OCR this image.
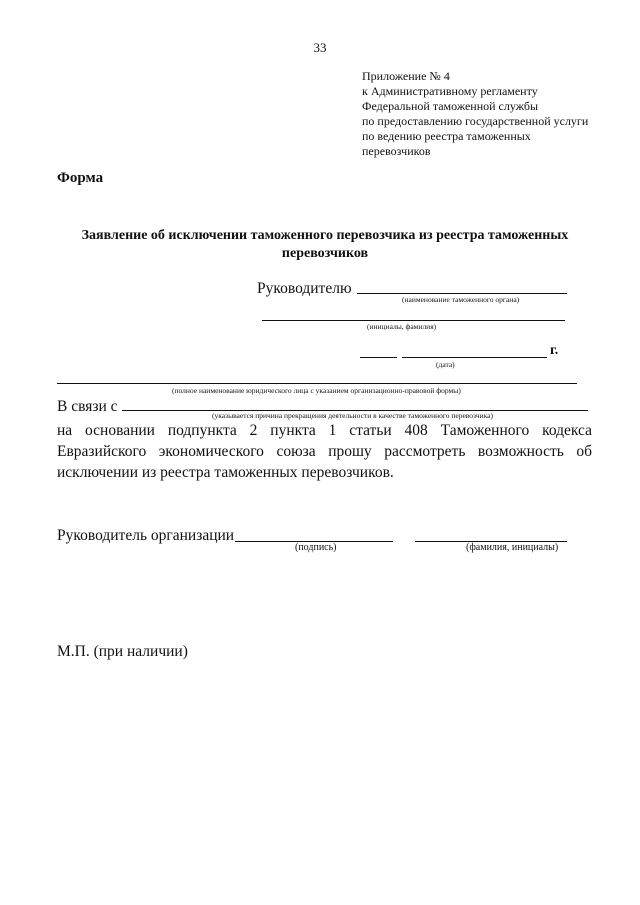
33
Приложение № 4
к Административному регламенту
Федеральной таможенной службы
по предоставлению государственной услуги
по ведению реестра таможенных
перевозчиков
Форма
Заявление об исключении таможенного перевозчика из реестра таможенных перевозчиков
Руководителю
(наименование таможенного органа)
(инициалы, фамилия)
г.
(дата)
(полное наименование юридического лица с указанием организационно-правовой формы)
В связи с
(указывается причина прекращения деятельности в качестве таможенного перевозчика)
на основании подпункта 2 пункта 1 статьи 408 Таможенного кодекса
Евразийского экономического союза прошу рассмотреть возможность об
исключении из реестра таможенных перевозчиков.
Руководитель организации
(подпись)	(фамилия, инициалы)
М.П. (при наличии)
